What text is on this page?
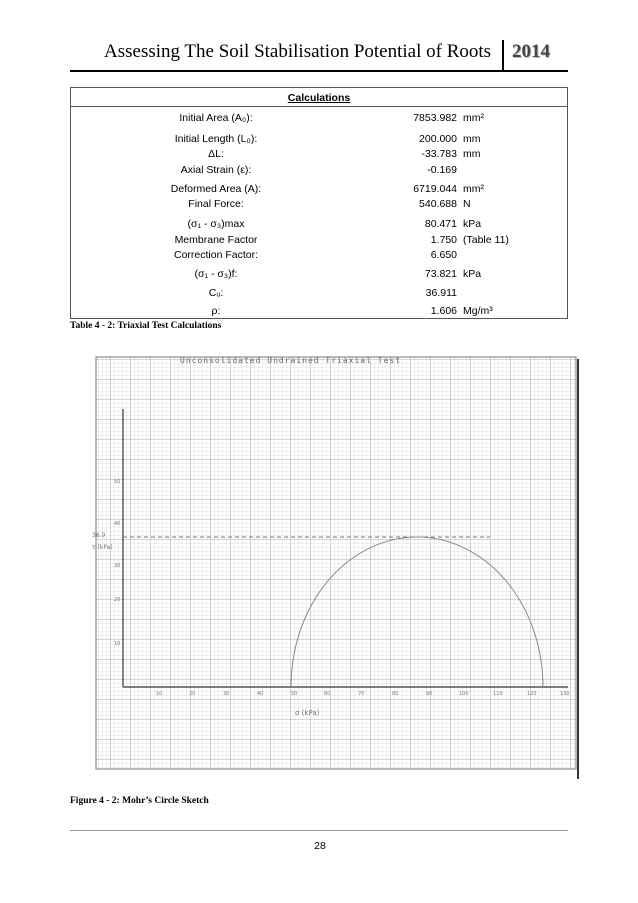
Assessing The Soil Stabilisation Potential of Roots 2014
Calculations
Initial Area (A₀):	7853.982 mm²
Initial Length (L₀):	200.000 mm
ΔL:	-33.783 mm
Axial Strain (ε):	-0.169
Deformed Area (A):	6719.044 mm²
Final Force:	540.688 N
(σ₁ - σ₃)max	80.471 kPa
Membrane Factor	1.750 (Table 11)
Correction Factor:	6.650
(σ₁ - σ₃)f:	73.821 kPa
Cᵤ:	36.911
ρ:	1.606 Mg/m³
Table 4 - 2: Triaxial Test Calculations
Unconsolidated Undrained Triaxial Test
10
20
30
40
50
36.9
τ (kPa)
10	20	30	40	50	60	70	80	90	100	110	120	130
σ (kPa)
Figure 4 - 2: Mohr’s Circle Sketch
28
